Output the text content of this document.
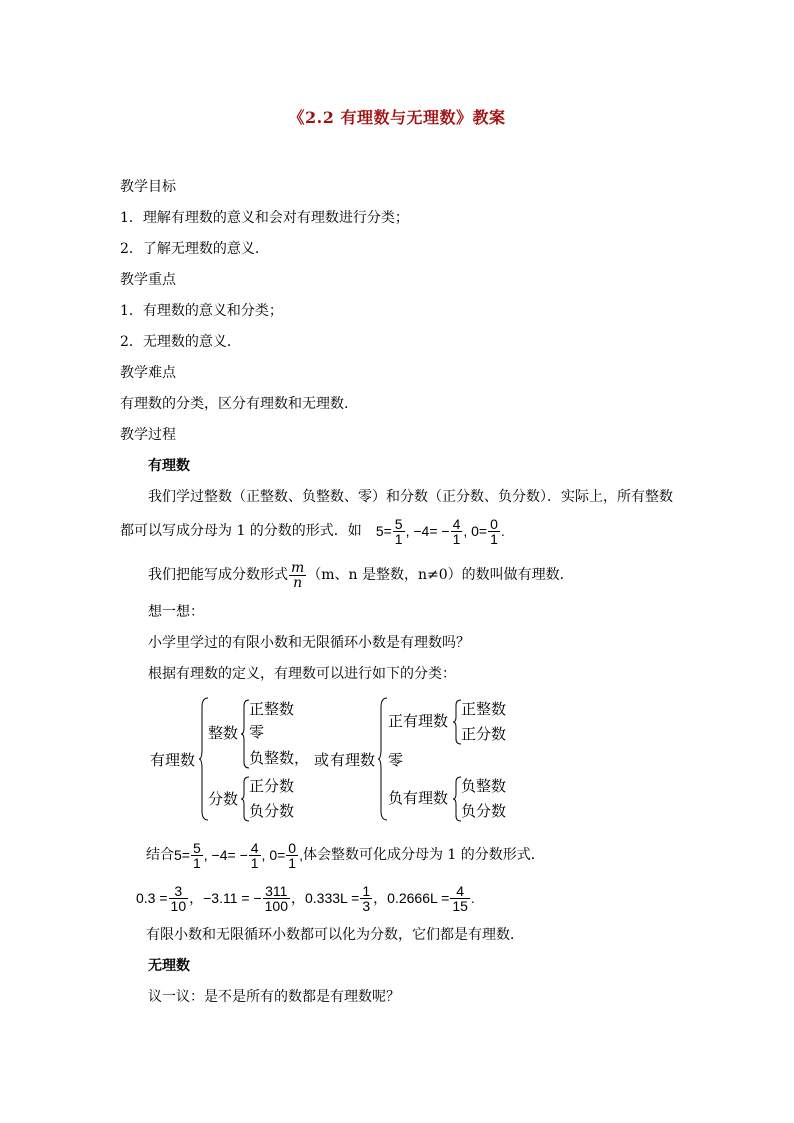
《2.2 有理数与无理数》教案
教学目标
1．理解有理数的意义和会对有理数进行分类；
2．了解无理数的意义.
教学重点
1．有理数的意义和分类；
2．无理数的意义．
教学难点
有理数的分类，区分有理数和无理数.
教学过程
有理数
我们学过整数（正整数、负整数、零）和分数（正分数、负分数）．实际上，所有整数
都可以写成分母为 1 的分数的形式．如 $5= \frac{5}{1}$ , $-4= - \frac{4}{1}$ , $0= \frac{0}{1}$ .
我们把能写成分数形式 $\frac{m}{n} (m$、n 是整数，n≠0）的数叫做有理数．
想一想：
小学里学过的有限小数和无限循环小数是有理数吗？
根据有理数的定义，有理数可以进行如下的分类：
有理数
整数
正整数
零
负整数，
分数
正分数
负分数
或 有理数
正有理数
正整数
正分数
零
负有理数
负整数
负分数
结合 $5= \frac{5}{1}$ , $-4= - \frac{4}{1}$ , $0= \frac{0}{1}$ , 体会整数可化成分母为 1 的分数形式．
$0.3 = \frac{3}{10}$ ，−3.11 = − $\frac{311}{100}$ ，$0.333L = \frac{1}{3}$ ，$0.2666L = \frac{4}{15}$ .
有限小数和无限循环小数都可以化为分数，它们都是有理数．
无理数
议一议：是不是所有的数都是有理数呢？
